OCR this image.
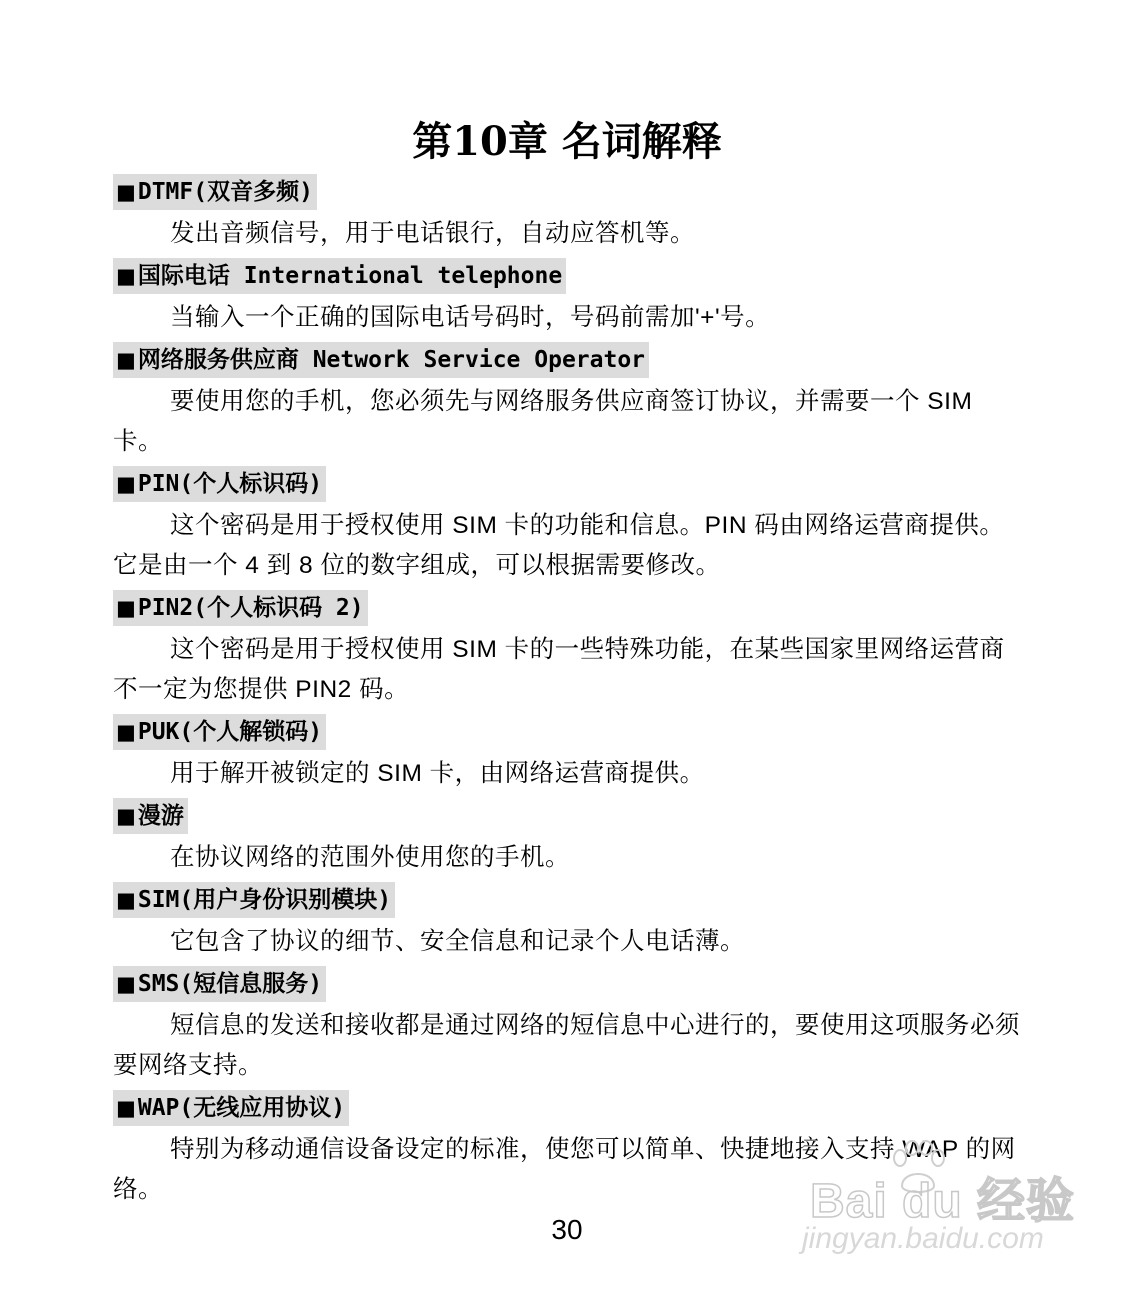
第10章 名词解释
■DTMF(双音多频)

发出音频信号，用于电话银行，自动应答机等。

■国际电话 International telephone

当输入一个正确的国际电话号码时，号码前需加'+'号。

■网络服务供应商 Network Service Operator

要使用您的手机，您必须先与网络服务供应商签订协议，并需要一个 SIM 卡。

■PIN(个人标识码)

这个密码是用于授权使用 SIM 卡的功能和信息。PIN 码由网络运营商提供。它是由一个 4 到 8 位的数字组成，可以根据需要修改。

■PIN2(个人标识码 2)

这个密码是用于授权使用 SIM 卡的一些特殊功能，在某些国家里网络运营商不一定为您提供 PIN2 码。

■PUK(个人解锁码)

用于解开被锁定的 SIM 卡，由网络运营商提供。

■漫游

在协议网络的范围外使用您的手机。

■SIM(用户身份识别模块)

它包含了协议的细节、安全信息和记录个人电话薄。

■SMS(短信息服务)

短信息的发送和接收都是通过网络的短信息中心进行的，要使用这项服务必须要网络支持。

■WAP(无线应用协议)

特别为移动通信设备设定的标准，使您可以简单、快捷地接入支持 WAP 的网络。

30
Bai du 经验
jingyan.baidu.com
